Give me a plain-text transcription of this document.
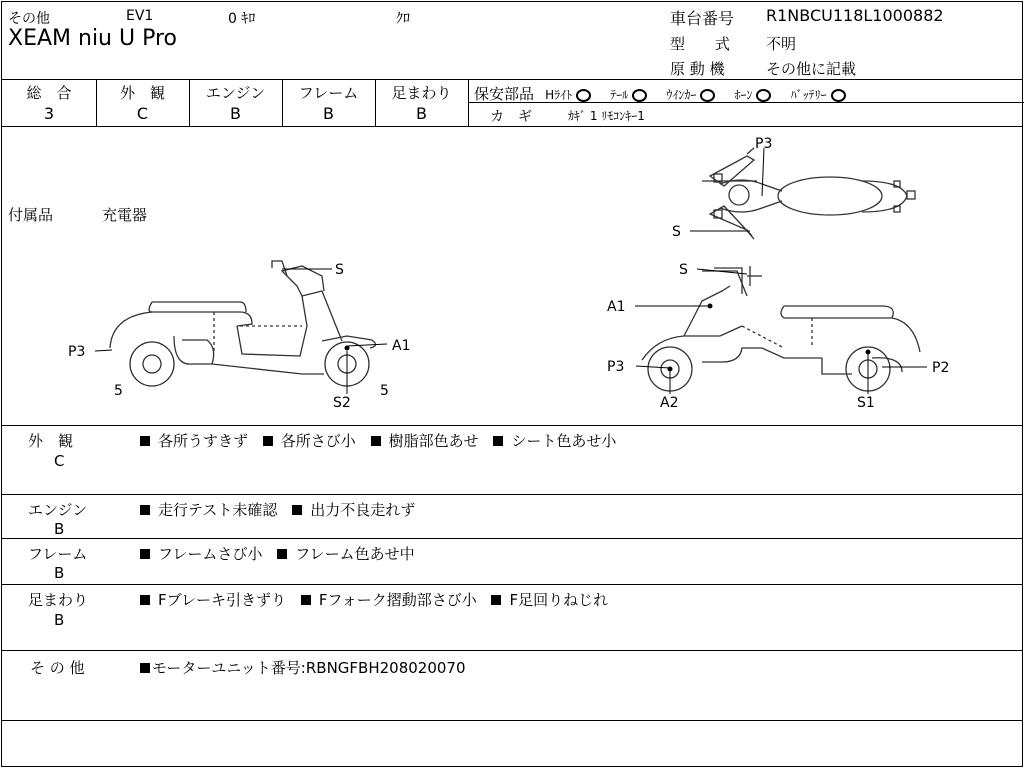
その他	EV1	0 ｷﾛ	ｸﾛ
XEAM niu U Pro
車台番号 R1NBCU118L1000882
型　　式 不明
原 動 機	その他に記載
総　合	外　観	エンジン	フレーム	足まわり
3	C	B	B	B
保安部品 Hﾗｲﾄ	ﾃｰﾙ	ｳｲﾝｶｰ	ﾎｰﾝ	ﾊﾞｯﾃﾘｰ
カ　ギ	ｶｷﾞ 1 ﾘﾓｺﾝｷｰ1
付属品	充電器
P3
S
S
P3	A1
5	5
S2
S
A1
P3
A2
P2
S1
外　観
C
各所うすきず 各所さび小 樹脂部色あせ シート色あせ小
エンジン
B
走行テスト未確認 出力不良走れず
フレーム
B
フレームさび小 フレーム色あせ中
足まわり
B
Fブレーキ引きずり Fフォーク摺動部さび小 F足回りねじれ
そ の 他	モーターユニット番号:RBNGFBH208020070
